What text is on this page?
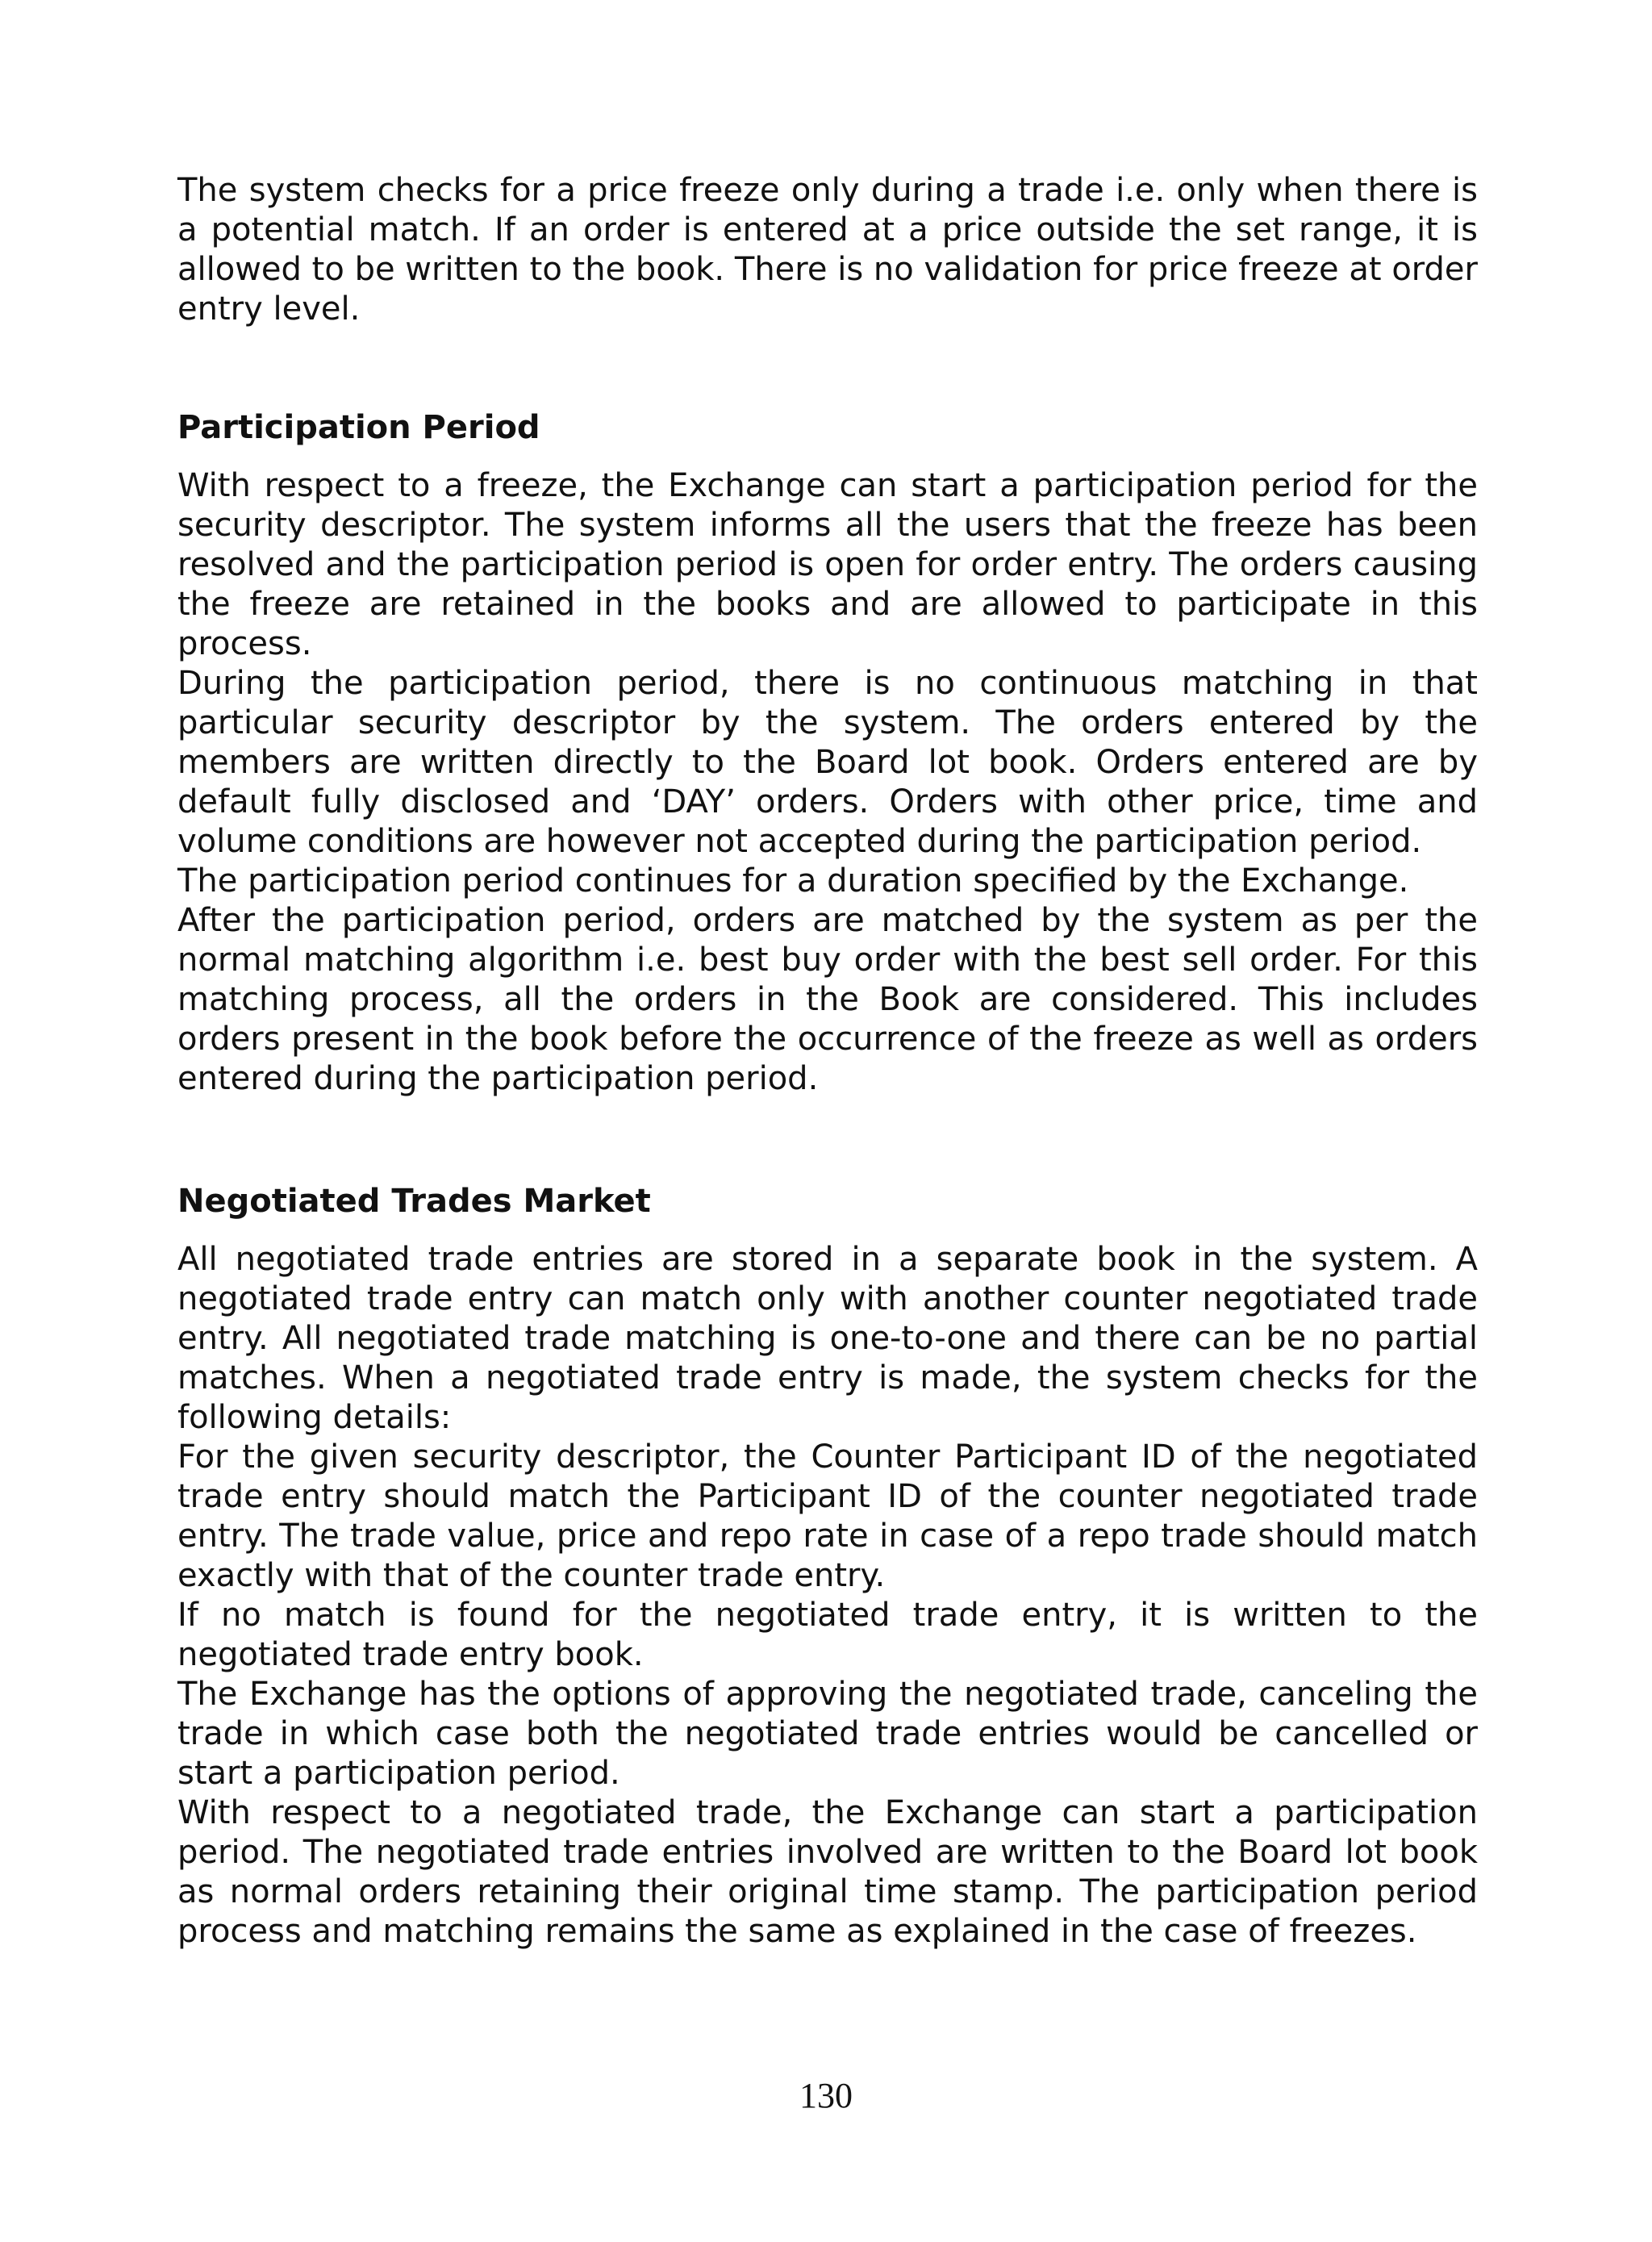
The system checks for a price freeze only during a trade i.e. only when there is a potential match. If an order is entered at a price outside the set range, it is allowed to be written to the book. There is no validation for price freeze at order entry level.

Participation Period

With respect to a freeze, the Exchange can start a participation period for the security descriptor. The system informs all the users that the freeze has been resolved and the participation period is open for order entry. The orders causing the freeze are retained in the books and are allowed to participate in this process.

During the participation period, there is no continuous matching in that particular security descriptor by the system. The orders entered by the members are written directly to the Board lot book. Orders entered are by default fully disclosed and ‘DAY’ orders. Orders with other price, time and volume conditions are however not accepted during the participation period.

The participation period continues for a duration specified by the Exchange.

After the participation period, orders are matched by the system as per the normal matching algorithm i.e. best buy order with the best sell order. For this matching process, all the orders in the Book are considered. This includes orders present in the book before the occurrence of the freeze as well as orders entered during the participation period.

Negotiated Trades Market

All negotiated trade entries are stored in a separate book in the system. A negotiated trade entry can match only with another counter negotiated trade entry. All negotiated trade matching is one-to-one and there can be no partial matches. When a negotiated trade entry is made, the system checks for the following details:

For the given security descriptor, the Counter Participant ID of the negotiated trade entry should match the Participant ID of the counter negotiated trade entry. The trade value, price and repo rate in case of a repo trade should match exactly with that of the counter trade entry.

If no match is found for the negotiated trade entry, it is written to the negotiated trade entry book.

The Exchange has the options of approving the negotiated trade, canceling the trade in which case both the negotiated trade entries would be cancelled or start a participation period.

With respect to a negotiated trade, the Exchange can start a participation period. The negotiated trade entries involved are written to the Board lot book as normal orders retaining their original time stamp. The participation period process and matching remains the same as explained in the case of freezes.

130
